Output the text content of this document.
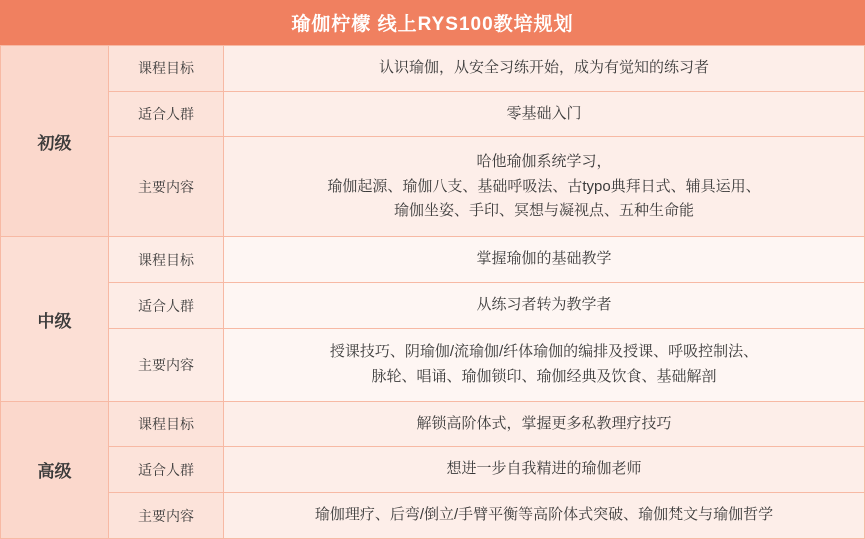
瑜伽柠檬 线上RYS100教培规划
初级	课程目标	认识瑜伽，从安全习练开始，成为有觉知的练习者
	适合人群	零基础入门
	主要内容	哈他瑜伽系统学习，
瑜伽起源、瑜伽八支、基础呼吸法、古typo典拜日式、辅具运用、
瑜伽坐姿、手印、冥想与凝视点、五种生命能

中级	课程目标	掌握瑜伽的基础教学
	适合人群	从练习者转为教学者
	主要内容	授课技巧、阴瑜伽/流瑜伽/纤体瑜伽的编排及授课、呼吸控制法、
脉轮、唱诵、瑜伽锁印、瑜伽经典及饮食、基础解剖

高级	课程目标	解锁高阶体式，掌握更多私教理疗技巧
	适合人群	想进一步自我精进的瑜伽老师
	主要内容	瑜伽理疗、后弯/倒立/手臂平衡等高阶体式突破、瑜伽梵文与瑜伽哲学
